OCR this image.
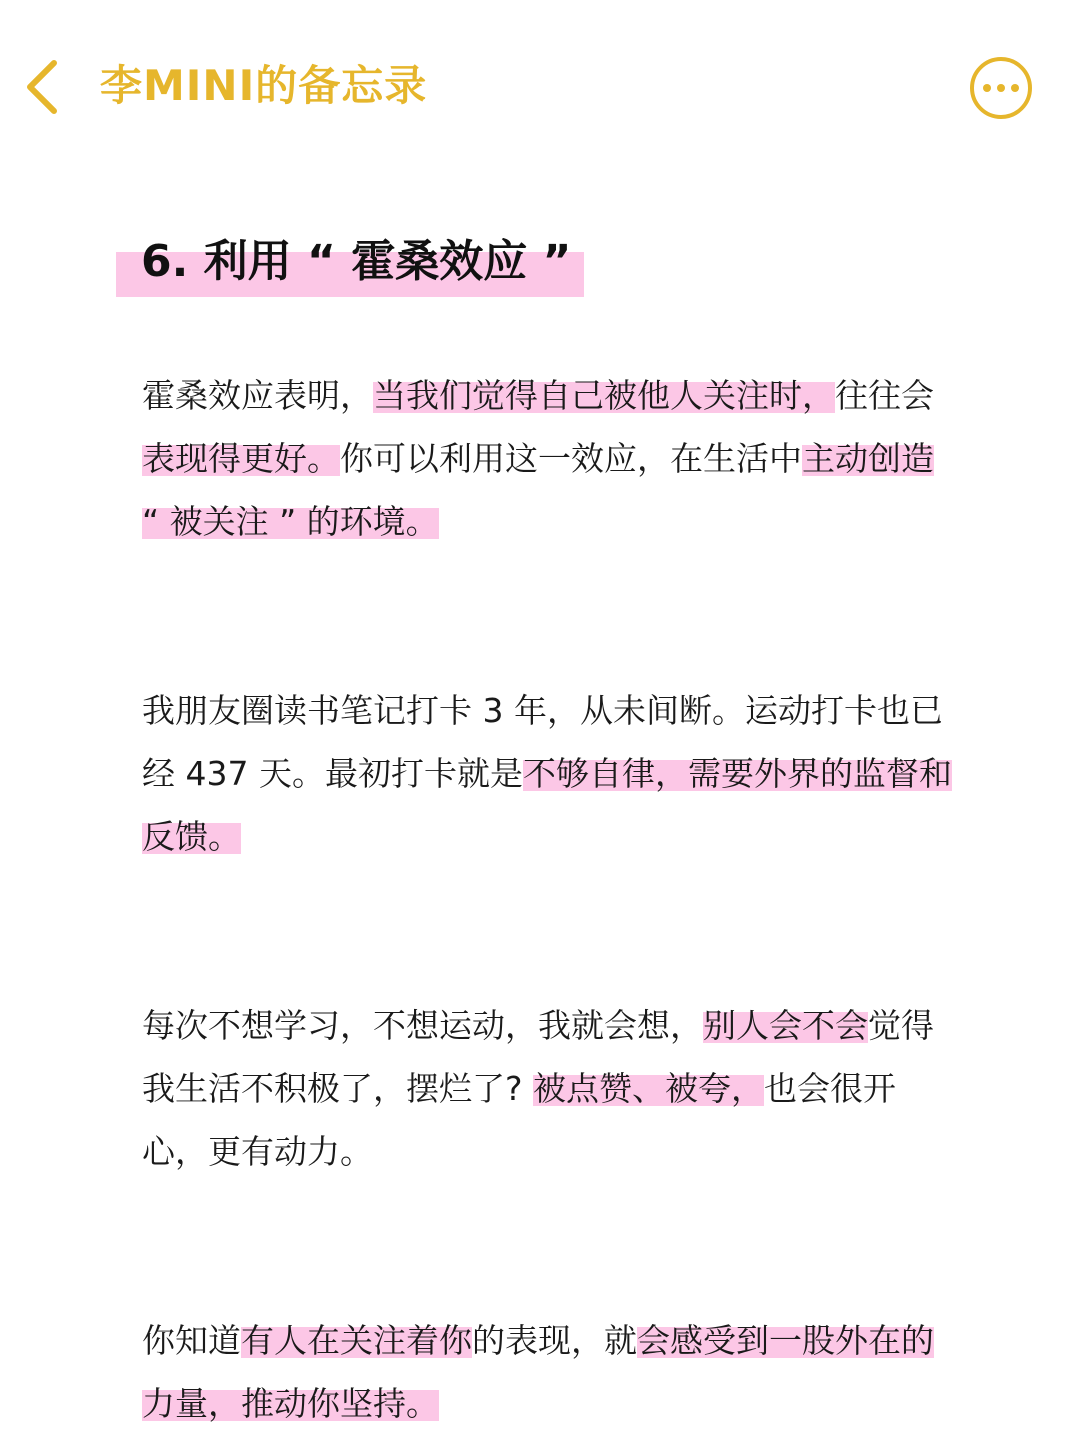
李MINI的备忘录
6. 利用 “ 霍桑效应 ”

霍桑效应表明，当我们觉得自己被他人关注时，往往会表现得更好。你可以利用这一效应，在生活中主动创造 “ 被关注 ” 的环境。

我朋友圈读书笔记打卡 3 年，从未间断。运动打卡也已经 437 天。最初打卡就是不够自律，需要外界的监督和反馈。

每次不想学习，不想运动，我就会想，别人会不会觉得我生活不积极了，摆烂了? 被点赞、被夸，也会很开心，更有动力。

你知道有人在关注着你的表现，就会感受到一股外在的力量，推动你坚持。
